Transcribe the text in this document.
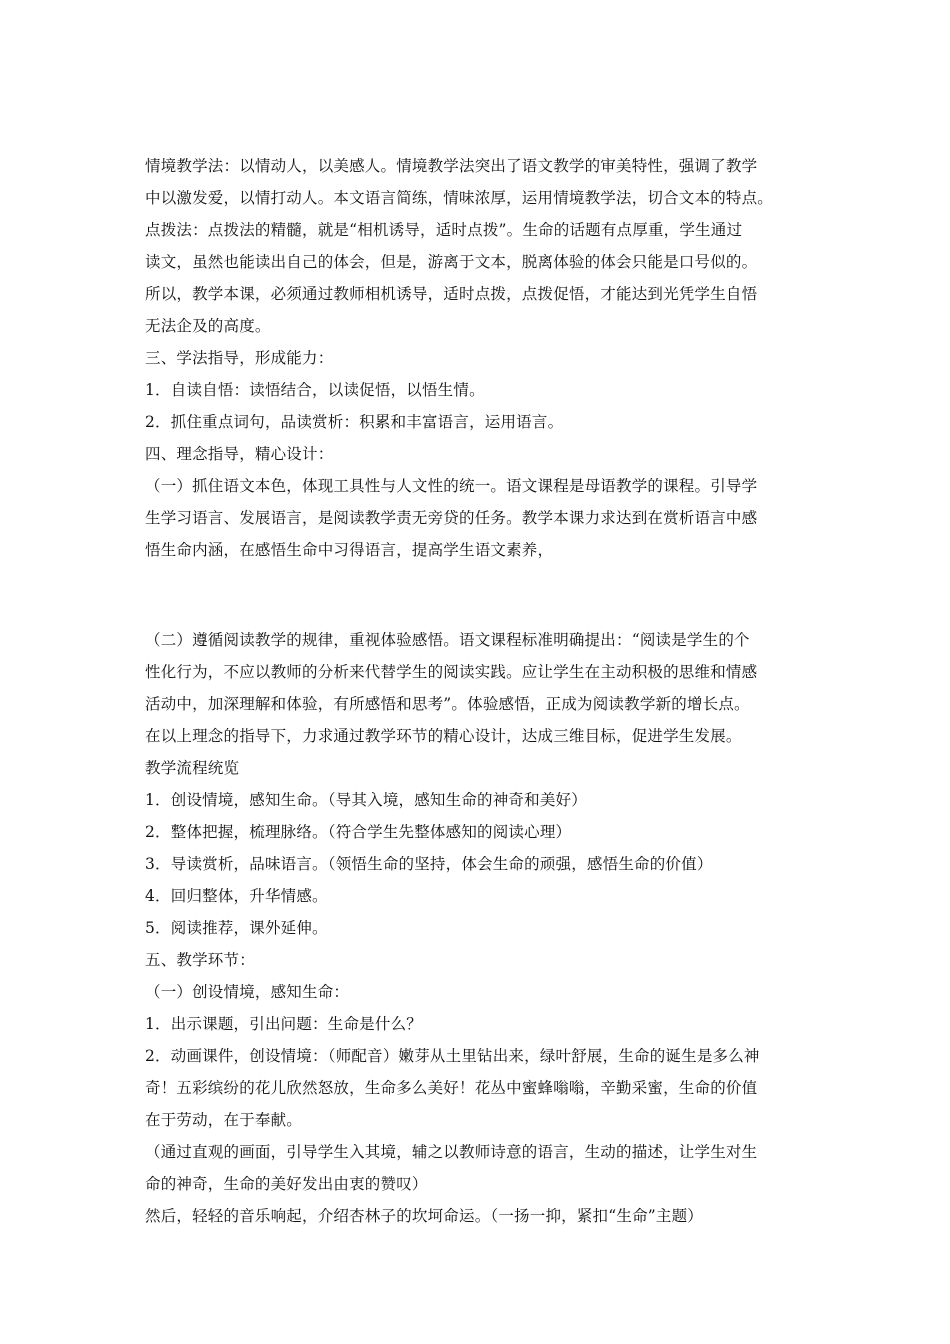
情境教学法：以情动人，以美感人。情境教学法突出了语文教学的审美特性，强调了教学
中以激发爱，以情打动人。本文语言简练，情味浓厚，运用情境教学法，切合文本的特点。
点拨法：点拨法的精髓，就是“相机诱导，适时点拨”。生命的话题有点厚重，学生通过
读文，虽然也能读出自己的体会，但是，游离于文本，脱离体验的体会只能是口号似的。
所以，教学本课，必须通过教师相机诱导，适时点拨，点拨促悟，才能达到光凭学生自悟
无法企及的高度。
三、学法指导，形成能力：
1．自读自悟：读悟结合，以读促悟，以悟生情。
2．抓住重点词句，品读赏析：积累和丰富语言，运用语言。
四、理念指导，精心设计：
（一）抓住语文本色，体现工具性与人文性的统一。语文课程是母语教学的课程。引导学
生学习语言、发展语言，是阅读教学责无旁贷的任务。教学本课力求达到在赏析语言中感
悟生命内涵，在感悟生命中习得语言，提高学生语文素养，
（二）遵循阅读教学的规律，重视体验感悟。语文课程标准明确提出：“阅读是学生的个
性化行为，不应以教师的分析来代替学生的阅读实践。应让学生在主动积极的思维和情感
活动中，加深理解和体验，有所感悟和思考”。体验感悟，正成为阅读教学新的增长点。
在以上理念的指导下，力求通过教学环节的精心设计，达成三维目标，促进学生发展。
教学流程统览
1．创设情境，感知生命。（导其入境，感知生命的神奇和美好）
2．整体把握，梳理脉络。（符合学生先整体感知的阅读心理）
3．导读赏析，品味语言。（领悟生命的坚持，体会生命的顽强，感悟生命的价值）
4．回归整体，升华情感。
5．阅读推荐，课外延伸。
五、教学环节：
（一）创设情境，感知生命：
1．出示课题，引出问题：生命是什么？
2．动画课件，创设情境：（师配音）嫩芽从土里钻出来，绿叶舒展，生命的诞生是多么神
奇！五彩缤纷的花儿欣然怒放，生命多么美好！花丛中蜜蜂嗡嗡，辛勤采蜜，生命的价值
在于劳动，在于奉献。
（通过直观的画面，引导学生入其境，辅之以教师诗意的语言，生动的描述，让学生对生
命的神奇，生命的美好发出由衷的赞叹）
然后，轻轻的音乐响起，介绍杏林子的坎坷命运。（一扬一抑，紧扣“生命”主题）
